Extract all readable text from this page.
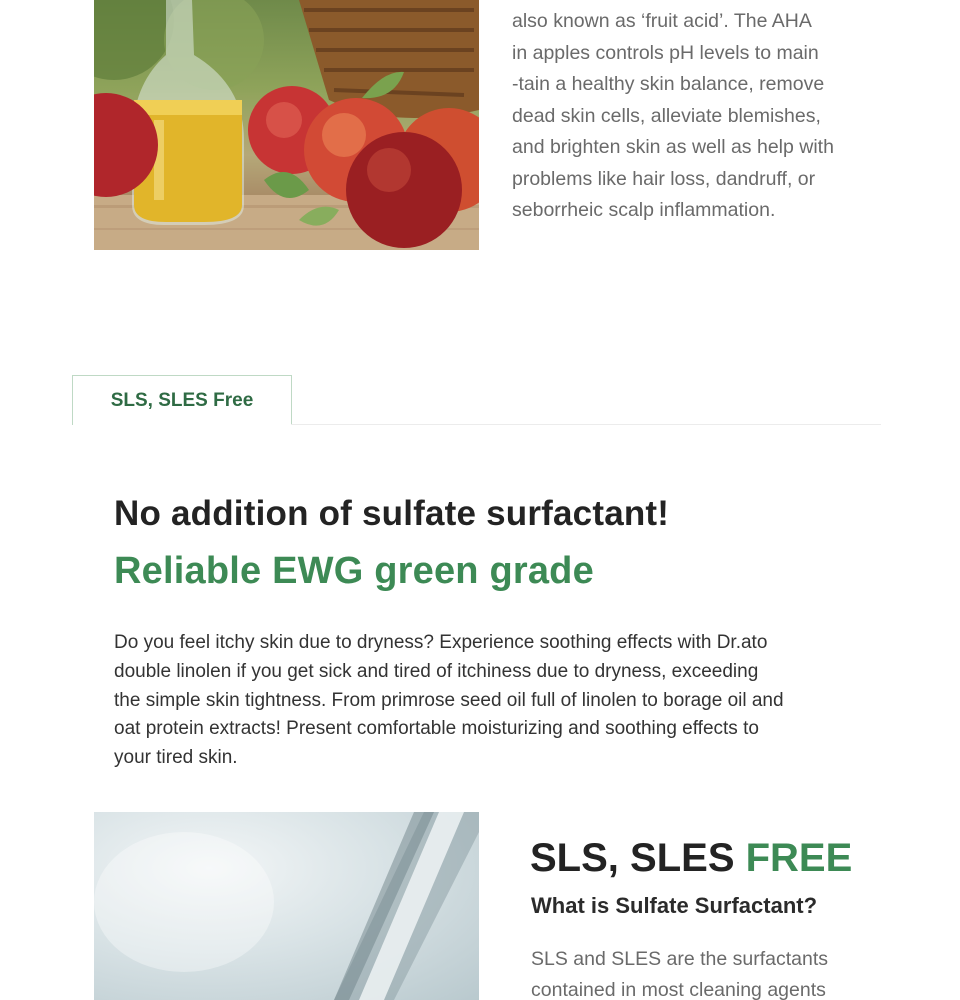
also known as ‘fruit acid’. The AHA
in apples controls pH levels to main
-tain a healthy skin balance, remove
dead skin cells, alleviate blemishes,
and brighten skin as well as help with
problems like hair loss, dandruff, or
seborrheic scalp inflammation.
SLS, SLES Free
No addition of sulfate surfactant!
Reliable EWG green grade
Do you feel itchy skin due to dryness? Experience soothing effects with Dr.ato
double linolen if you get sick and tired of itchiness due to dryness, exceeding
the simple skin tightness. From primrose seed oil full of linolen to borage oil and
oat protein extracts! Present comfortable moisturizing and soothing effects to
your tired skin.
SLS, SLES FREE
What is Sulfate Surfactant?
SLS and SLES are the surfactants
contained in most cleaning agents
